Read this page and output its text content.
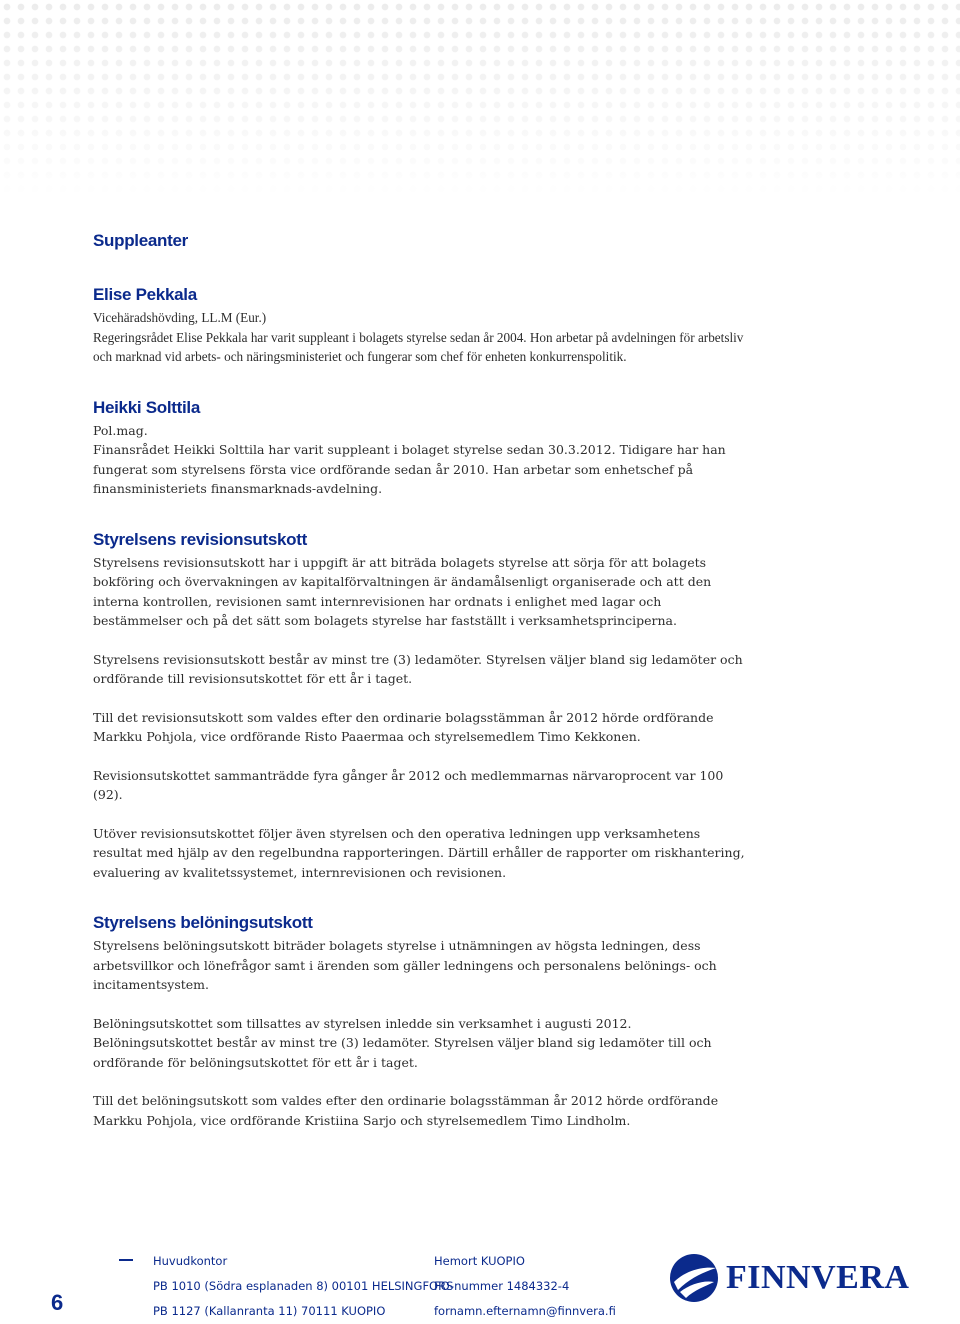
Suppleanter
Elise Pekkala

Vicehäradshövding, LL.M (Eur.)

Regeringsrådet Elise Pekkala har varit suppleant i bolagets styrelse sedan år 2004. Hon arbetar på avdelningen för arbetsliv och marknad vid arbets- och näringsministeriet och fungerar som chef för enheten konkurrenspolitik.

Heikki Solttila

Pol.mag.

Finansrådet Heikki Solttila har varit suppleant i bolaget styrelse sedan 30.3.2012. Tidigare har han fungerat som styrelsens första vice ordförande sedan år 2010. Han arbetar som enhetschef på finansministeriets finansmarknads-avdelning.

Styrelsens revisionsutskott

Styrelsens revisionsutskott har i uppgift är att biträda bolagets styrelse att sörja för att bolagets bokföring och övervakningen av kapitalförvaltningen är ändamålsenligt organiserade och att den interna kontrollen, revisionen samt internrevisionen har ordnats i enlighet med lagar och bestämmelser och på det sätt som bolagets styrelse har fastställt i verksamhetsprinciperna.

Styrelsens revisionsutskott består av minst tre (3) ledamöter. Styrelsen väljer bland sig ledamöter och ordförande till revisionsutskottet för ett år i taget.

Till det revisionsutskott som valdes efter den ordinarie bolagsstämman år 2012 hörde ordförande Markku Pohjola, vice ordförande Risto Paaermaa och styrelsemedlem Timo Kekkonen.

Revisionsutskottet sammanträdde fyra gånger år 2012 och medlemmarnas närvaroprocent var 100 (92).

Utöver revisionsutskottet följer även styrelsen och den operativa ledningen upp verksamhetens resultat med hjälp av den regelbundna rapporteringen. Därtill erhåller de rapporter om riskhantering, evaluering av kvalitetssystemet, internrevisionen och revisionen.

Styrelsens belöningsutskott

Styrelsens belöningsutskott biträder bolagets styrelse i utnämningen av högsta ledningen, dess arbetsvillkor och lönefrågor samt i ärenden som gäller ledningens och personalens belönings- och incitamentsystem.

Belöningsutskottet som tillsattes av styrelsen inledde sin verksamhet i augusti 2012. Belöningsutskottet består av minst tre (3) ledamöter. Styrelsen väljer bland sig ledamöter till och ordförande för belöningsutskottet för ett år i taget.

Till det belöningsutskott som valdes efter den ordinarie bolagsstämman år 2012 hörde ordförande Markku Pohjola, vice ordförande Kristiina Sarjo och styrelsemedlem Timo Lindholm.

6
Huvudkontor
PB 1010 (Södra esplanaden 8) 00101 HELSINGFORS
PB 1127 (Kallanranta 11) 70111 KUOPIO
Hemort KUOPIO
FO-nummer 1484332-4
fornamn.efternamn@finnvera.fi
FINNVERA
